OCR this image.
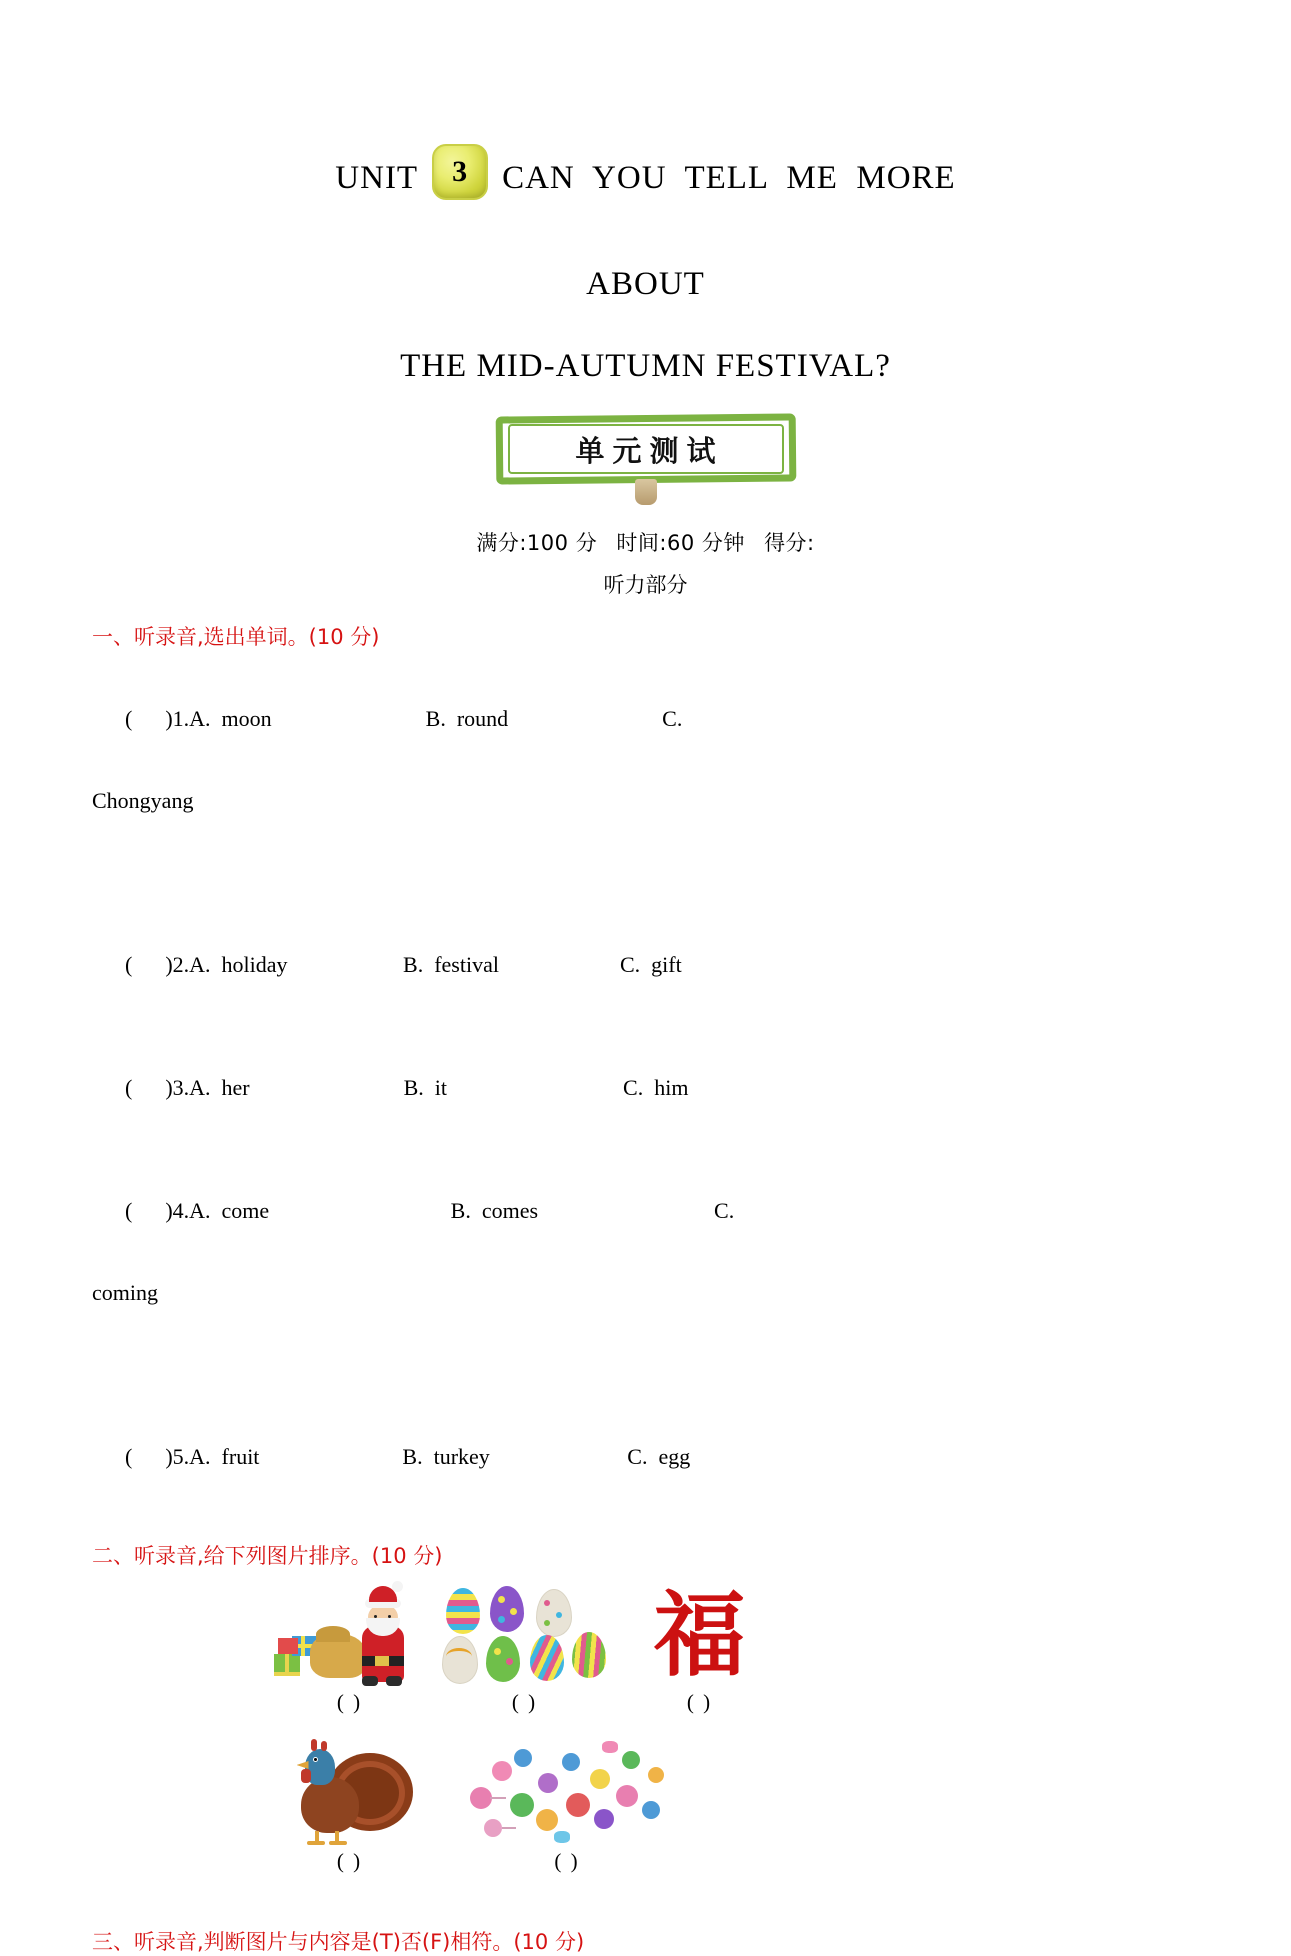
UNIT	3	CAN  YOU  TELL  ME  MORE
ABOUT
THE MID-AUTUMN FESTIVAL?
单元测试
满分:100 分 时间:60 分钟 得分:
听力部分
一、听录音,选出单词。(10 分)

(      )1.A.  moon                            B.  round                            C.

Chongyang

(      )2.A.  holiday                     B.  festival                      C.  gift

(      )3.A.  her                            B.  it                                C.  him

(      )4.A.  come                                 B.  comes                                C.

coming

(      )5.A.  fruit                          B.  turkey                         C.  egg

二、听录音,给下列图片排序。(10 分)
( )	( )
福
( )
( )	( )
三、听录音,判断图片与内容是(T)否(F)相符。(10 分)
